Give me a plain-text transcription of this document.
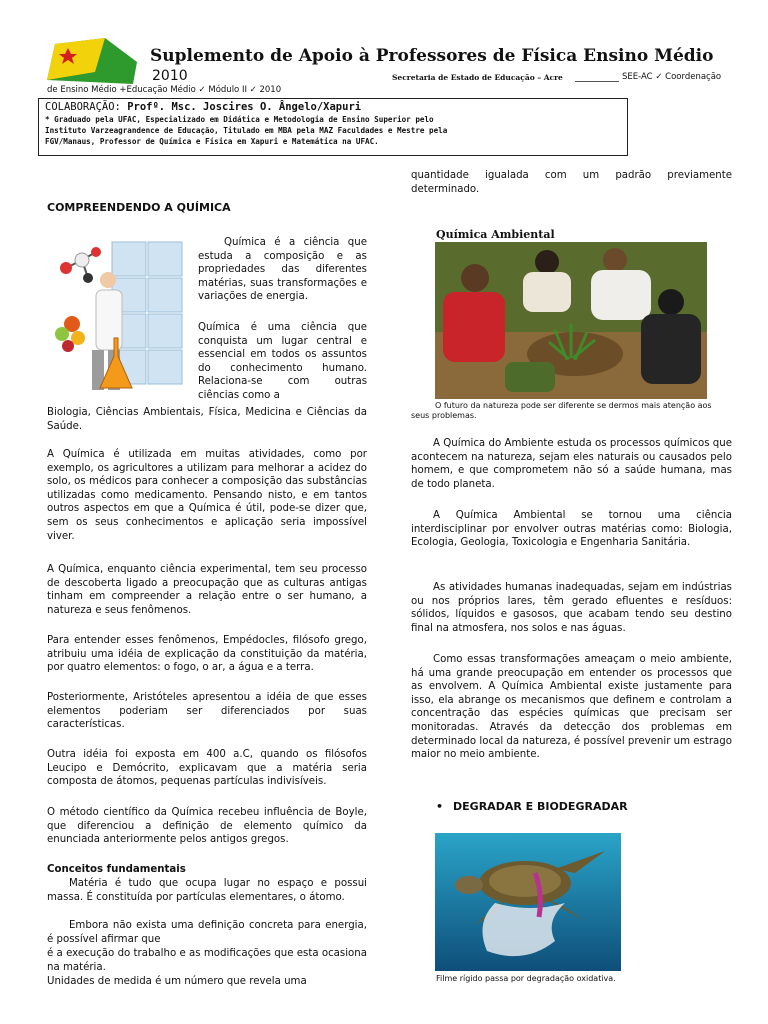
Suplemento de Apoio à Professores de Física Ensino Médio
2010	Secretaria de Estado de Educação – Acre	SEE-AC ✓ Coordenação
de Ensino Médio +Educação Médio ✓ Módulo II ✓ 2010
COLABORAÇÃO: Profº. Msc. Joscires O. Ângelo/Xapuri
* Graduado pela UFAC, Especializado em Didática e Metodologia de Ensino Superior pelo
Instituto Varzeagrandence de Educação, Titulado em MBA pela MAZ Faculdades e Mestre pela
FGV/Manaus, Professor de Química e Física em Xapuri e Matemática na UFAC.
COMPREENDENDO A QUÍMICA

Química é a ciência que estuda a composição e as propriedades das diferentes matérias, suas transformações e variações de energia.

Química é uma ciência que conquista um lugar central e essencial em todos os assuntos do conhecimento humano. Relaciona-se com outras ciências como a

Biologia, Ciências Ambientais, Física, Medicina e Ciências da Saúde.

A Química é utilizada em muitas atividades, como por exemplo, os agricultores a utilizam para melhorar a acidez do solo, os médicos para conhecer a composição das substâncias utilizadas como medicamento. Pensando nisto, e em tantos outros aspectos em que a Química é útil, pode-se dizer que, sem os seus conhecimentos e aplicação seria impossível viver.

A Química, enquanto ciência experimental, tem seu processo de descoberta ligado a preocupação que as culturas antigas tinham em compreender a relação entre o ser humano, a natureza e seus fenômenos.

Para entender esses fenômenos, Empédocles, filósofo grego, atribuiu uma idéia de explicação da constituição da matéria, por quatro elementos: o fogo, o ar, a água e a terra.

Posteriormente, Aristóteles apresentou a idéia de que esses elementos poderiam ser diferenciados por suas características.

Outra idéia foi exposta em 400 a.C, quando os filósofos Leucipo e Demócrito, explicavam que a matéria seria composta de átomos, pequenas partículas indivisíveis.

O método científico da Química recebeu influência de Boyle, que diferenciou a definição de elemento químico da enunciada anteriormente pelos antigos gregos.

Conceitos fundamentais

Matéria é tudo que ocupa lugar no espaço e possui massa. É constituída por partículas elementares, o átomo.

Embora não exista uma definição concreta para energia, é possível afirmar que

é a execução do trabalho e as modificações que esta ocasiona na matéria.

Unidades de medida é um número que revela uma

quantidade igualada com um padrão previamente determinado.

Química Ambiental

O futuro da natureza pode ser diferente se dermos mais atenção aos seus problemas.

A Química do Ambiente estuda os processos químicos que acontecem na natureza, sejam eles naturais ou causados pelo homem, e que comprometem não só a saúde humana, mas de todo planeta.

A Química Ambiental se tornou uma ciência interdisciplinar por envolver outras matérias como: Biologia, Ecologia, Geologia, Toxicologia e Engenharia Sanitária.

As atividades humanas inadequadas, sejam em indústrias ou nos próprios lares, têm gerado efluentes e resíduos: sólidos, líquidos e gasosos, que acabam tendo seu destino final na atmosfera, nos solos e nas águas.

Como essas transformações ameaçam o meio ambiente, há uma grande preocupação em entender os processos que as envolvem. A Química Ambiental existe justamente para isso, ela abrange os mecanismos que definem e controlam a concentração das espécies químicas que precisam ser monitoradas. Através da detecção dos problemas em determinado local da natureza, é possível prevenir um estrago maior no meio ambiente.

• DEGRADAR E BIODEGRADAR
Filme rígido passa por degradação oxidativa.
